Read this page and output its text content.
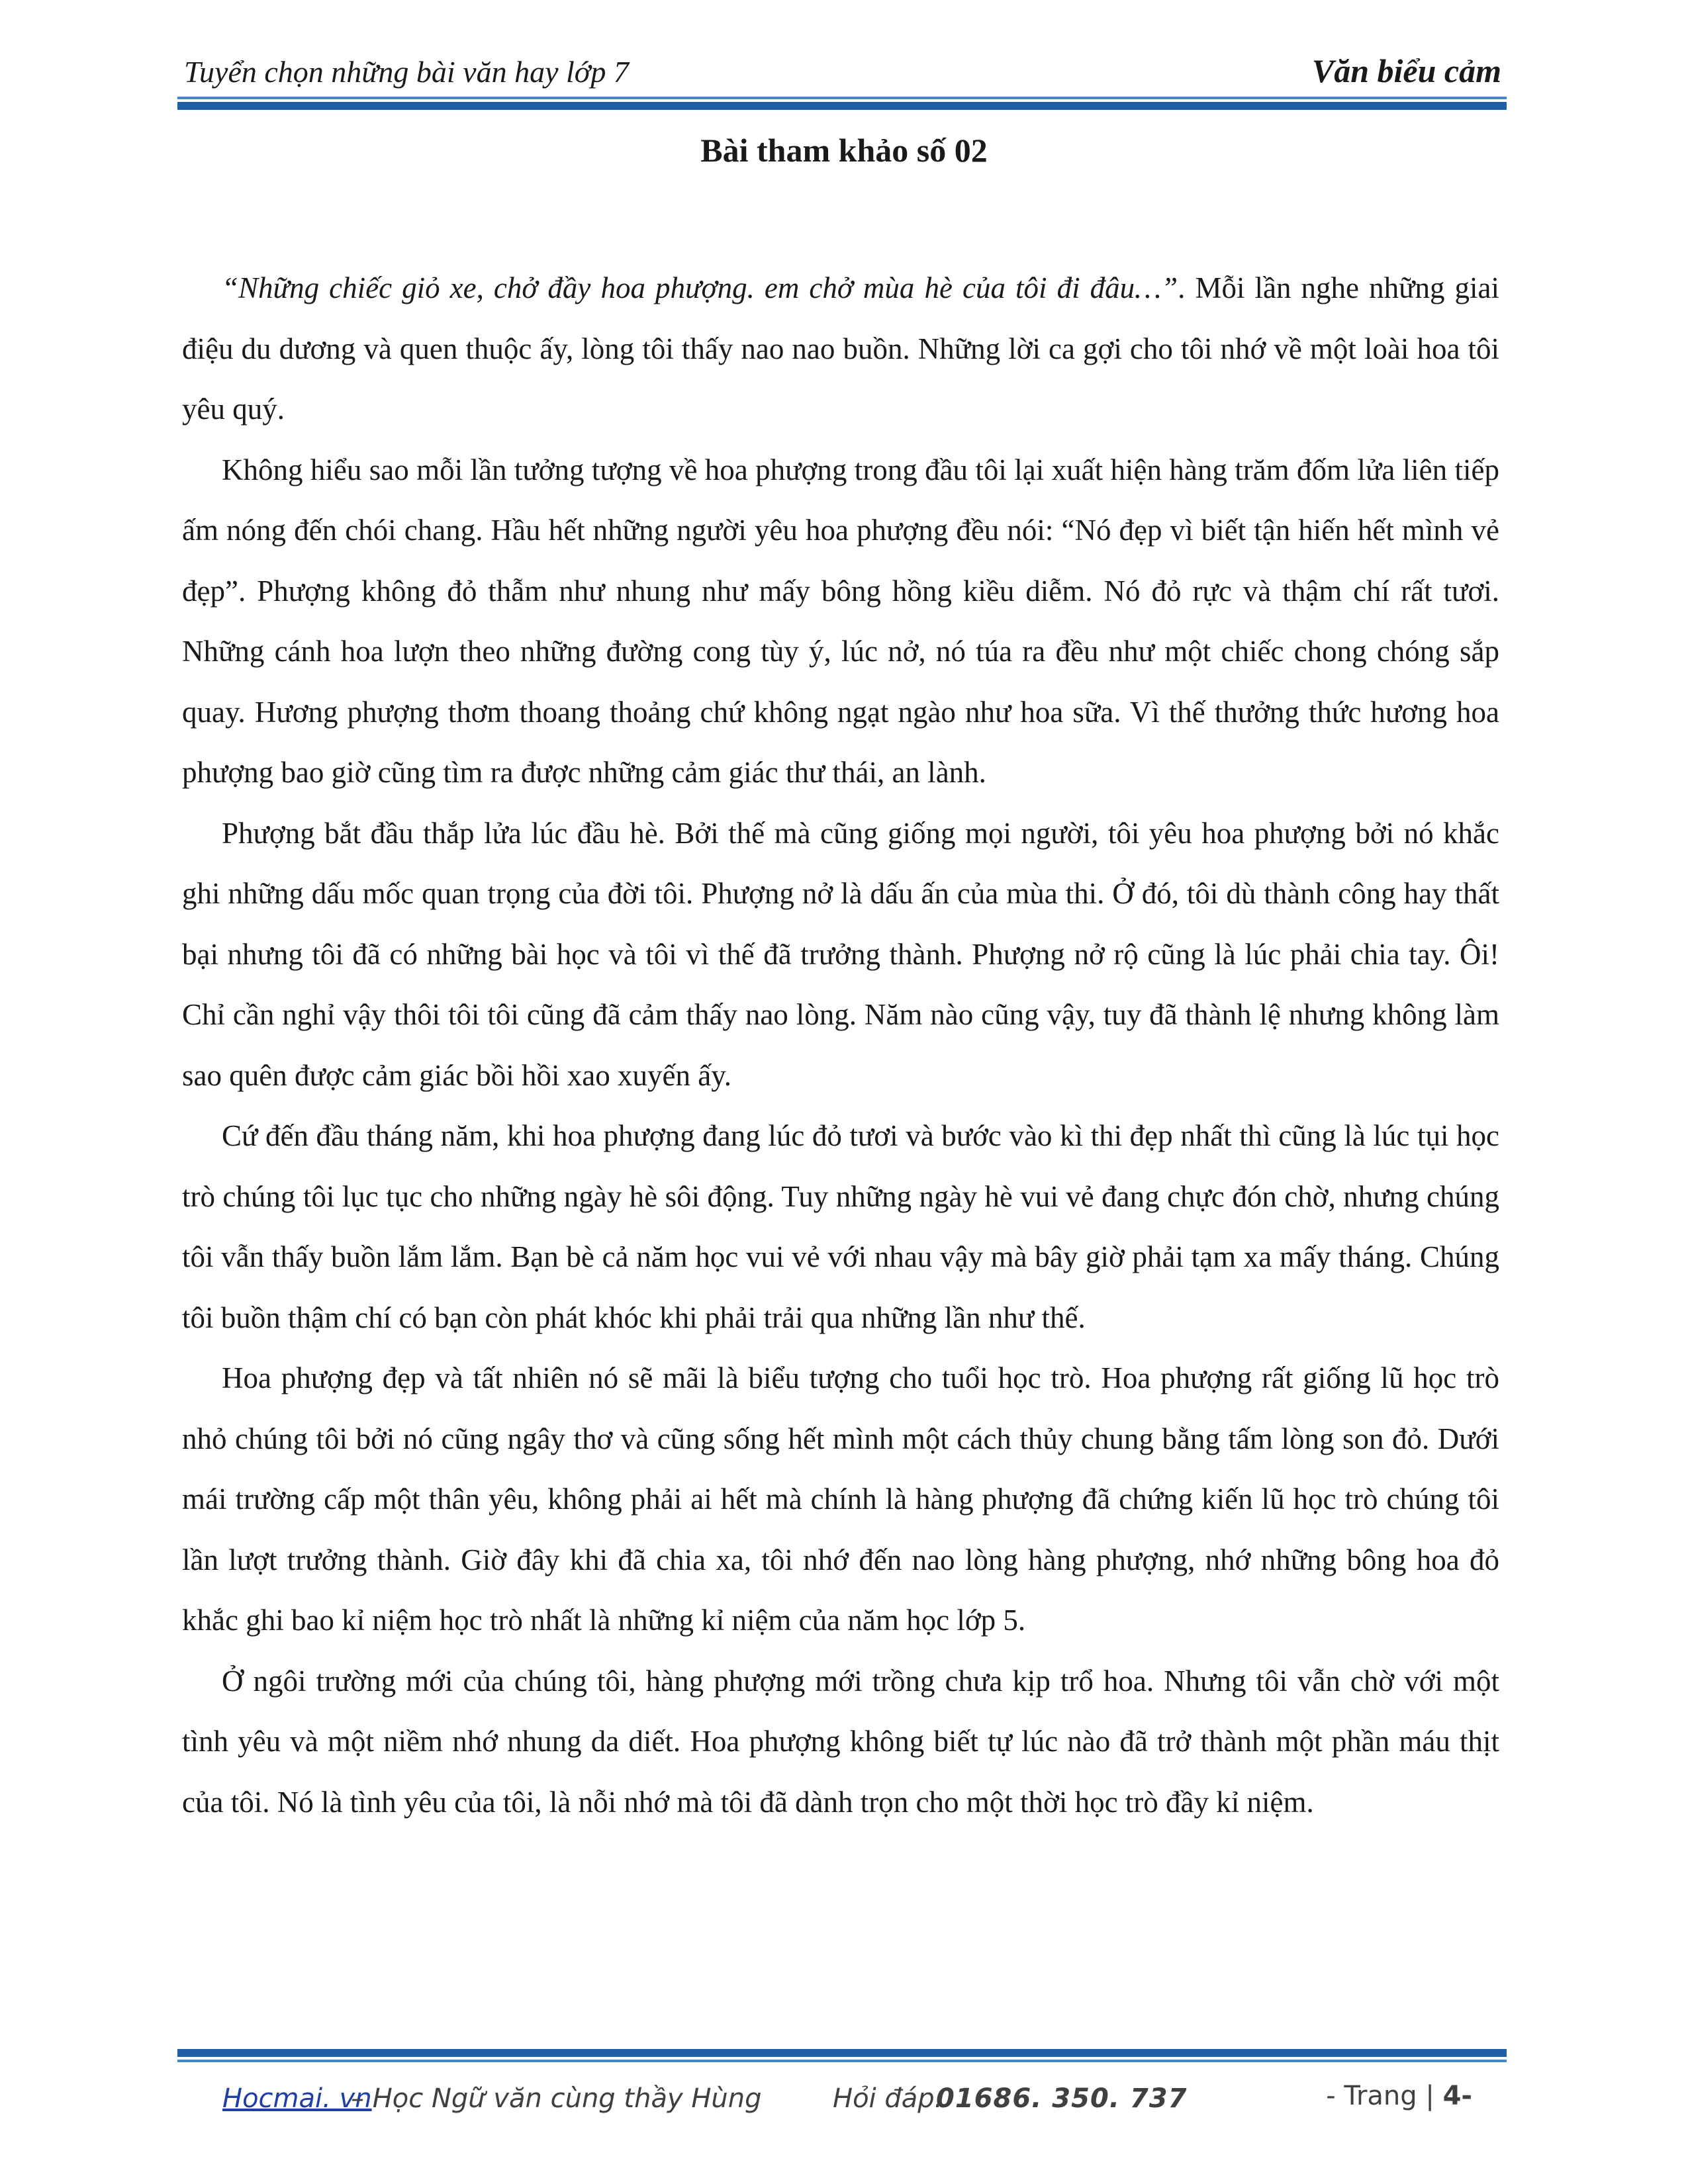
Tuyển chọn những bài văn hay lớp 7	Văn biểu cảm
Bài tham khảo số 02

“Những chiếc giỏ xe, chở đầy hoa phượng. em chở mùa hè của tôi đi đâu…”. Mỗi lần nghe những giai điệu du dương và quen thuộc ấy, lòng tôi thấy nao nao buồn. Những lời ca gợi cho tôi nhớ về một loài hoa tôi yêu quý.

Không hiểu sao mỗi lần tưởng tượng về hoa phượng trong đầu tôi lại xuất hiện hàng trăm đốm lửa liên tiếp ấm nóng đến chói chang. Hầu hết những người yêu hoa phượng đều nói: “Nó đẹp vì biết tận hiến hết mình vẻ đẹp”. Phượng không đỏ thẫm như nhung như mấy bông hồng kiều diễm. Nó đỏ rực và thậm chí rất tươi. Những cánh hoa lượn theo những đường cong tùy ý, lúc nở, nó túa ra đều như một chiếc chong chóng sắp quay. Hương phượng thơm thoang thoảng chứ không ngạt ngào như hoa sữa. Vì thế thưởng thức hương hoa phượng bao giờ cũng tìm ra được những cảm giác thư thái, an lành.

Phượng bắt đầu thắp lửa lúc đầu hè. Bởi thế mà cũng giống mọi người, tôi yêu hoa phượng bởi nó khắc ghi những dấu mốc quan trọng của đời tôi. Phượng nở là dấu ấn của mùa thi. Ở đó, tôi dù thành công hay thất bại nhưng tôi đã có những bài học và tôi vì thế đã trưởng thành. Phượng nở rộ cũng là lúc phải chia tay. Ôi! Chỉ cần nghỉ vậy thôi tôi tôi cũng đã cảm thấy nao lòng. Năm nào cũng vậy, tuy đã thành lệ nhưng không làm sao quên được cảm giác bồi hồi xao xuyến ấy.

Cứ đến đầu tháng năm, khi hoa phượng đang lúc đỏ tươi và bước vào kì thi đẹp nhất thì cũng là lúc tụi học trò chúng tôi lục tục cho những ngày hè sôi động. Tuy những ngày hè vui vẻ đang chực đón chờ, nhưng chúng tôi vẫn thấy buồn lắm lắm. Bạn bè cả năm học vui vẻ với nhau vậy mà bây giờ phải tạm xa mấy tháng. Chúng tôi buồn thậm chí có bạn còn phát khóc khi phải trải qua những lần như thế.

Hoa phượng đẹp và tất nhiên nó sẽ mãi là biểu tượng cho tuổi học trò. Hoa phượng rất giống lũ học trò nhỏ chúng tôi bởi nó cũng ngây thơ và cũng sống hết mình một cách thủy chung bằng tấm lòng son đỏ. Dưới mái trường cấp một thân yêu, không phải ai hết mà chính là hàng phượng đã chứng kiến lũ học trò chúng tôi lần lượt trưởng thành. Giờ đây khi đã chia xa, tôi nhớ đến nao lòng hàng phượng, nhớ những bông hoa đỏ khắc ghi bao kỉ niệm học trò nhất là những kỉ niệm của năm học lớp 5.

Ở ngôi trường mới của chúng tôi, hàng phượng mới trồng chưa kịp trổ hoa. Nhưng tôi vẫn chờ với một tình yêu và một niềm nhớ nhung da diết. Hoa phượng không biết tự lúc nào đã trở thành một phần máu thịt của tôi. Nó là tình yêu của tôi, là nỗi nhớ mà tôi đã dành trọn cho một thời học trò đầy kỉ niệm.

Hocmai. vn
– Học Ngữ văn cùng thầy Hùng	Hỏi đáp:
01686. 350. 737	- Trang | 4-
